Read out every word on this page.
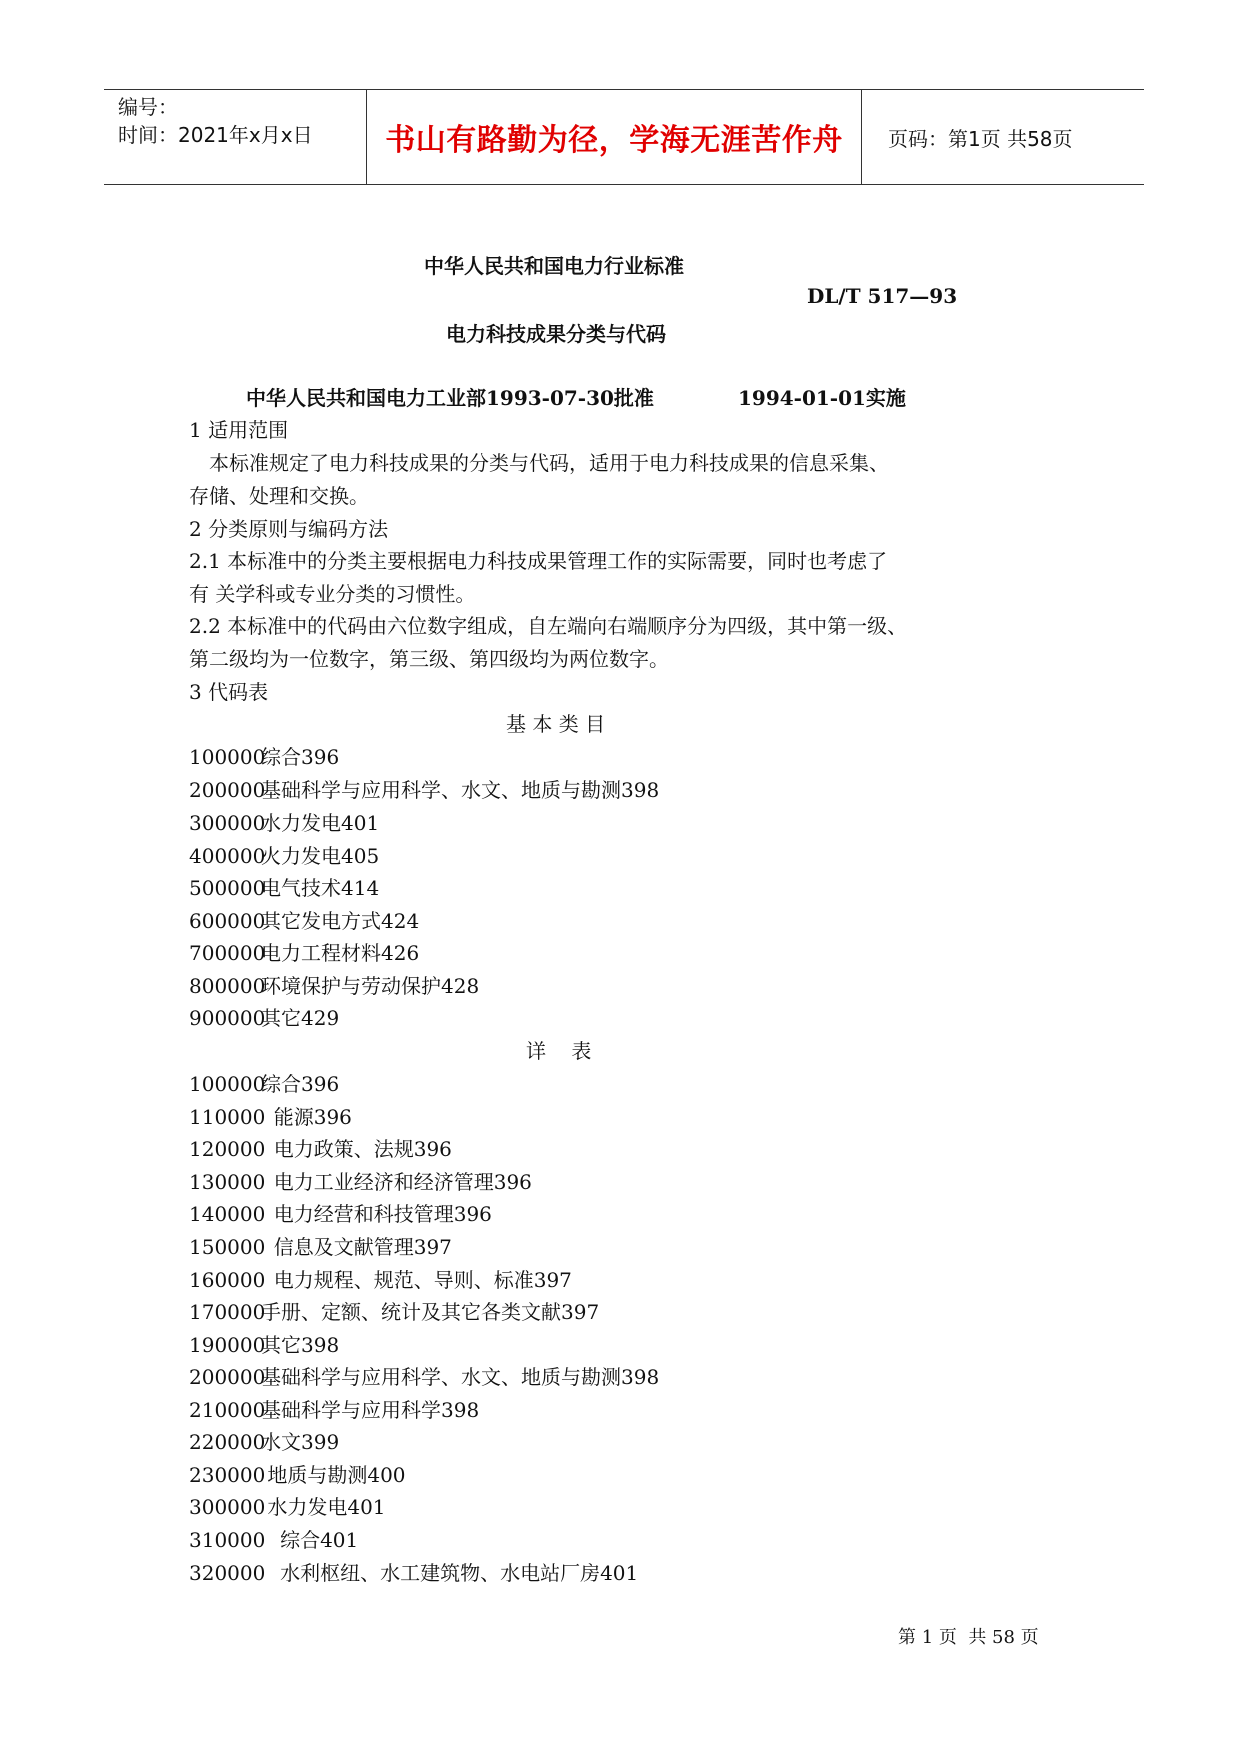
编号：
时间：2021年x月x日	书山有路勤为径，学海无涯苦作舟	页码：第1页 共58页
中华人民共和国电力行业标准
DL/T 517—93
电力科技成果分类与代码
中华人民共和国电力工业部1993-07-30批准	1994-01-01实施
1 适用范围
本标准规定了电力科技成果的分类与代码，适用于电力科技成果的信息采集、
存储、处理和交换。
2 分类原则与编码方法
2.1 本标准中的分类主要根据电力科技成果管理工作的实际需要，同时也考虑了
有 关学科或专业分类的习惯性。
2.2 本标准中的代码由六位数字组成，自左端向右端顺序分为四级，其中第一级、
第二级均为一位数字，第三级、第四级均为两位数字。
3 代码表
基 本 类 目
100000综合396
200000基础科学与应用科学、水文、地质与勘测398
300000水力发电401
400000火力发电405
500000电气技术414
600000其它发电方式424
700000电力工程材料426
800000环境保护与劳动保护428
900000其它429
详    表
100000综合396
110000  能源396
120000  电力政策、法规396
130000  电力工业经济和经济管理396
140000  电力经营和科技管理396
150000  信息及文献管理397
160000  电力规程、规范、导则、标准397
170000手册、定额、统计及其它各类文献397
190000其它398
200000基础科学与应用科学、水文、地质与勘测398
210000基础科学与应用科学398
220000水文399
230000 地质与勘测400
300000 水力发电401
310000   综合401
320000   水利枢纽、水工建筑物、水电站厂房401
第 1 页  共 58 页
